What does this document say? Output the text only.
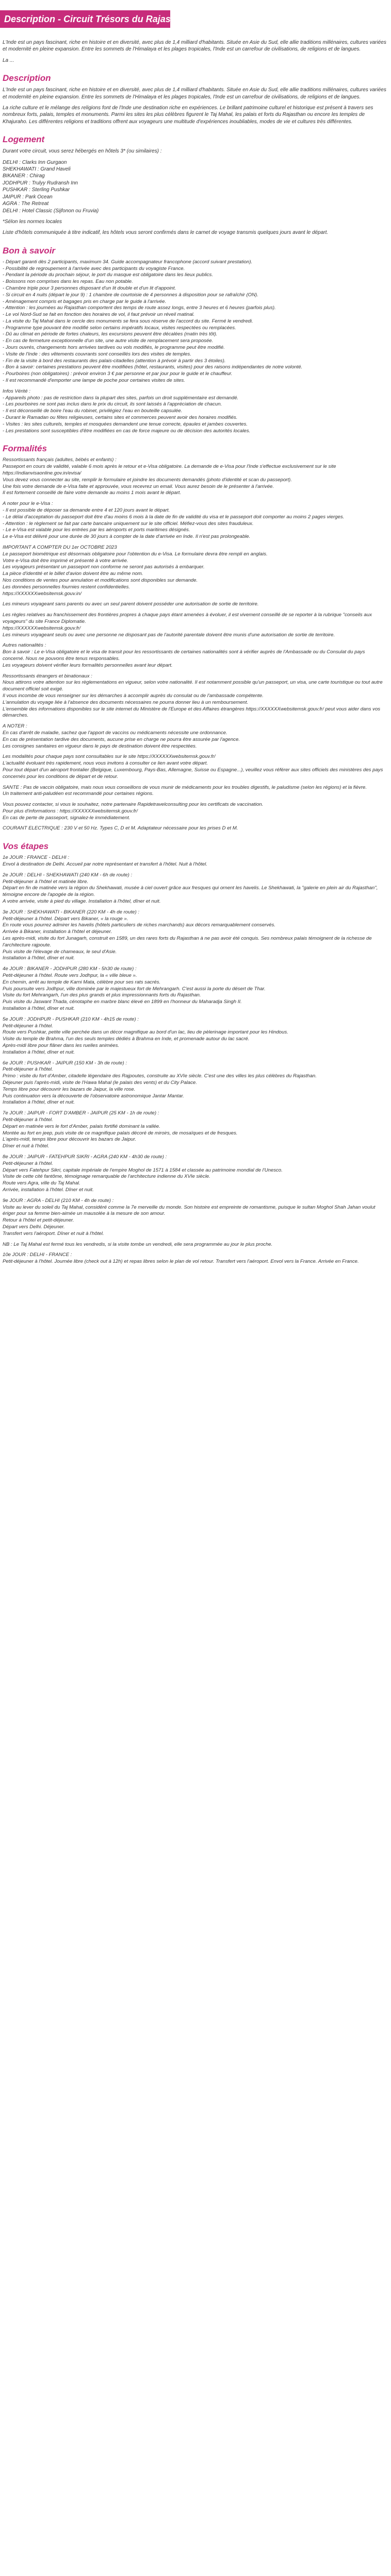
Description - Circuit Trésors du Rajasthan ***

L'Inde est un pays fascinant, riche en histoire et en diversité, avec plus de 1,4 milliard d'habitants. Située en Asie du Sud, elle allie traditions millénaires, cultures variées et modernité en pleine expansion. Entre les sommets de l'Himalaya et les plages tropicales, l'Inde est un carrefour de civilisations, de religions et de langues.

La ...

Description

L'Inde est un pays fascinant, riche en histoire et en diversité, avec plus de 1,4 milliard d'habitants. Située en Asie du Sud, elle allie traditions millénaires, cultures variées et modernité en pleine expansion. Entre les sommets de l'Himalaya et les plages tropicales, l'Inde est un carrefour de civilisations, de religions et de langues.

La riche culture et le mélange des religions font de l'Inde une destination riche en expériences. Le brillant patrimoine culturel et historique est présent à travers ses nombreux forts, palais, temples et monuments. Parmi les sites les plus célèbres figurent le Taj Mahal, les palais et forts du Rajasthan ou encore les temples de Khajuraho. Les différentes religions et traditions offrent aux voyageurs une multitude d'expériences inoubliables, modes de vie et cultures très différentes.

Logement

Durant votre circuit, vous serez hébergés en hôtels 3* (ou similaires) :

DELHI : Clarks Inn Gurgaon
SHEKHAWATI : Grand Haveli
BIKANER : Chirag
JODHPUR : Trulyy Rudransh Inn
PUSHKAR : Sterling Pushkar
JAIPUR : Park Ocean
AGRA : The Retreat
DELHI : Hotel Classic (Sijfonon ou Fruvia)

*Sélon les normes locales

Liste d'hôtels communiquée à titre indicatif, les hôtels vous seront confirmés dans le carnet de voyage transmis quelques jours avant le départ.

Bon à savoir

- Départ garanti dès 2 participants, maximum 34. Guide accompagnateur francophone (accord suivant prestation).
- Possibilité de regroupement à l'arrivée avec des participants du voyagiste France.
- Pendant la période du prochain séjour, le port du masque est obligatoire dans les lieux publics.
- Boissons non comprises dans les repas. Eau non potable.
- Chambre triple pour 3 personnes disposant d'un lit double et d'un lit d'appoint.
- Si circuit en 4 nuits (départ le jour 9) : 1 chambre de courtoisie de 4 personnes à disposition pour se rafraîchir (ON).
- Aménagement compris et bagages pris en charge par le guide à l'arrivée.
- Attention : les journées au Rajasthan comportent des temps de route assez longs, entre 3 heures et 6 heures (parfois plus).
- Le vol Nord-Sud se fait en fonction des horaires de vol, il faut prévoir un réveil matinal.
- La visite du Taj Mahal dans le cercle des monuments se fera sous réserve de l'accord du site. Fermé le vendredi.
- Programme type pouvant être modifié selon certains impératifs locaux, visites respectées ou remplacées.
- Dû au climat en période de fortes chaleurs, les excursions peuvent être décalées (matin très tôt).
- En cas de fermeture exceptionnelle d'un site, une autre visite de remplacement sera proposée.
- Jours ouvrés, changements hors arrivées tardives ou vols modifiés, le programme peut être modifié.
- Visite de l'Inde : des vêtements couvrants sont conseillés lors des visites de temples.
- Fin de la visite à bord des restaurants des palais-citadelles (attention à prévoir à partir des 3 étoiles).
- Bon à savoir: certaines prestations peuvent être modifiées (hôtel, restaurants, visites) pour des raisons indépendantes de notre volonté.
- Pourboires (non obligatoires) : prévoir environ 3 € par personne et par jour pour le guide et le chauffeur.
- Il est recommandé d'emporter une lampe de poche pour certaines visites de sites.

Infos Vérité :
- Appareils photo : pas de restriction dans la plupart des sites, parfois un droit supplémentaire est demandé.
- Les pourboires ne sont pas inclus dans le prix du circuit, ils sont laissés à l'appréciation de chacun.
- Il est déconseillé de boire l'eau du robinet, privilégiez l'eau en bouteille capsulée.
- Durant le Ramadan ou fêtes religieuses, certains sites et commerces peuvent avoir des horaires modifiés.
- Visites : les sites culturels, temples et mosquées demandent une tenue correcte, épaules et jambes couvertes.
- Les prestations sont susceptibles d'être modifiées en cas de force majeure ou de décision des autorités locales.

Formalités

Ressortissants français (adultes, bébés et enfants) :
Passeport en cours de validité, valable 6 mois après le retour et e-Visa obligatoire. La demande de e-Visa pour l'Inde s'effectue exclusivement sur le site https://indianvisaonline.gov.in/evisa/
Vous devez vous connecter au site, remplir le formulaire et joindre les documents demandés (photo d'identité et scan du passeport).
Une fois votre demande de e-Visa faite et approuvée, vous recevrez un email. Vous aurez besoin de le présenter à l'arrivée.
Il est fortement conseillé de faire votre demande au moins 1 mois avant le départ.

A noter pour le e-Visa :
- Il est possible de déposer sa demande entre 4 et 120 jours avant le départ.
- Le délai d'acceptation du passeport doit être d'au moins 6 mois à la date de fin de validité du visa et le passeport doit comporter au moins 2 pages vierges.
- Attention : le règlement se fait par carte bancaire uniquement sur le site officiel. Méfiez-vous des sites frauduleux.
- Le e-Visa est valable pour les entrées par les aéroports et ports maritimes désignés.
Le e-Visa est délivré pour une durée de 30 jours à compter de la date d'arrivée en Inde. Il n'est pas prolongeable.

IMPORTANT A COMPTER DU 1er OCTOBRE 2023
Le passeport biométrique est désormais obligatoire pour l'obtention du e-Visa. Le formulaire devra être rempli en anglais.
Votre e-Visa doit être imprimé et présenté à votre arrivée.
Les voyageurs présentant un passeport non conforme ne seront pas autorisés à embarquer.
La pièce d'identité et le billet d'avion doivent être au même nom.
Nos conditions de ventes pour annulation et modifications sont disponibles sur demande.
Les données personnelles fournies restent confidentielles.
https://XXXXXXwebsitemsk.gouv.in/

Les mineurs voyageant sans parents ou avec un seul parent doivent posséder une autorisation de sortie de territoire.

Les règles relatives au franchissement des frontières propres à chaque pays étant amenées à évoluer, il est vivement conseillé de se reporter à la rubrique "conseils aux voyageurs" du site France Diplomatie.
https://XXXXXXwebsitemsk.gouv.fr/
Les mineurs voyageant seuls ou avec une personne ne disposant pas de l'autorité parentale doivent être munis d'une autorisation de sortie de territoire.

Autres nationalités :
Bon à savoir : Le e-Visa obligatoire et le visa de transit pour les ressortissants de certaines nationalités sont à vérifier auprès de l'Ambassade ou du Consulat du pays concerné. Nous ne pouvons être tenus responsables.
Les voyageurs doivent vérifier leurs formalités personnelles avant leur départ.

Ressortissants étrangers et binationaux :
Nous attirons votre attention sur les règlementations en vigueur, selon votre nationalité. Il est notamment possible qu'un passeport, un visa, une carte touristique ou tout autre document officiel soit exigé.
Il vous incombe de vous renseigner sur les démarches à accomplir auprès du consulat ou de l'ambassade compétente.
L'annulation du voyage liée à l'absence des documents nécessaires ne pourra donner lieu à un remboursement.
L'ensemble des informations disponibles sur le site internet du Ministère de l'Europe et des Affaires étrangères https://XXXXXXwebsitemsk.gouv.fr/ peut vous aider dans vos démarches.

A NOTER :
En cas d'arrêt de maladie, sachez que l'apport de vaccins ou médicaments nécessite une ordonnance.
En cas de présentation tardive des documents, aucune prise en charge ne pourra être assurée par l'agence.
Les consignes sanitaires en vigueur dans le pays de destination doivent être respectées.

Les modalités pour chaque pays sont consultables sur le site https://XXXXXXwebsitemsk.gouv.fr/
L'actualité évoluant très rapidement, nous vous invitons à consulter ce lien avant votre départ.
Pour tout départ d'un aéroport frontalier (Belgique, Luxembourg, Pays-Bas, Allemagne, Suisse ou Espagne...), veuillez vous référer aux sites officiels des ministères des pays concernés pour les conditions de départ et de retour.

SANTE : Pas de vaccin obligatoire, mais nous vous conseillons de vous munir de médicaments pour les troubles digestifs, le paludisme (selon les régions) et la fièvre.
Un traitement anti-paludéen est recommandé pour certaines régions.

Vous pouvez contacter, si vous le souhaitez, notre partenaire Rapidetravelconsulting pour les certificats de vaccination.
Pour plus d'informations : https://XXXXXXwebsitemsk.gouv.fr/
En cas de perte de passeport, signalez-le immédiatement.

COURANT ELECTRIQUE : 230 V et 50 Hz. Types C, D et M. Adaptateur nécessaire pour les prises D et M.

Vos étapes

1e JOUR : FRANCE - DELHI :
Envol à destination de Delhi. Accueil par notre représentant et transfert à l'hôtel. Nuit à l'hôtel.

2e JOUR : DELHI - SHEKHAWATI (240 KM - 6h de route) :
Petit-déjeuner à l'hôtel et matinée libre.
Départ en fin de matinée vers la région du Shekhawati, musée à ciel ouvert grâce aux fresques qui ornent les havelis. Le Shekhawati, la "galerie en plein air du Rajasthan", témoigne encore de l'apogée de la région.
A votre arrivée, visite à pied du village. Installation à l'hôtel, dîner et nuit.

3e JOUR : SHEKHAWATI - BIKANER (220 KM - 4h de route) :
Petit-déjeuner à l'hôtel. Départ vers Bikaner, « la rouge ».
En route vous pourrez admirer les havelis (hôtels particuliers de riches marchands) aux décors remarquablement conservés.
Arrivée à Bikaner, installation à l'hôtel et déjeuner.
Les après-midi, visite du fort Junagarh, construit en 1589, un des rares forts du Rajasthan à ne pas avoir été conquis. Ses nombreux palais témoignent de la richesse de l'architecture rajpoute.
Puis visite de l'élevage de chameaux, le seul d'Asie.
Installation à l'hôtel, dîner et nuit.

4e JOUR : BIKANER - JODHPUR (280 KM - 5h30 de route) :
Petit-déjeuner à l'hôtel. Route vers Jodhpur, la « ville bleue ».
En chemin, arrêt au temple de Karni Mata, célèbre pour ses rats sacrés.
Puis poursuite vers Jodhpur, ville dominée par le majestueux fort de Mehrangarh. C'est aussi la porte du désert de Thar.
Visite du fort Mehrangarh, l'un des plus grands et plus impressionnants forts du Rajasthan.
Puis visite du Jaswant Thada, cénotaphe en marbre blanc élevé en 1899 en l'honneur du Maharadja Singh II.
Installation à l'hôtel, dîner et nuit.

5e JOUR : JODHPUR - PUSHKAR (210 KM - 4h15 de route) :
Petit-déjeuner à l'hôtel.
Route vers Pushkar, petite ville perchée dans un décor magnifique au bord d'un lac, lieu de pèlerinage important pour les Hindous.
Visite du temple de Brahma, l'un des seuls temples dédiés à Brahma en Inde, et promenade autour du lac sacré.
Après-midi libre pour flâner dans les ruelles animées.
Installation à l'hôtel, dîner et nuit.

6e JOUR : PUSHKAR - JAIPUR (150 KM - 3h de route) :
Petit-déjeuner à l'hôtel.
Primo : visite du fort d'Amber, citadelle légendaire des Rajpoutes, construite au XVIe siècle. C'est une des villes les plus célèbres du Rajasthan.
Déjeuner puis l'après-midi, visite de l'Hawa Mahal (le palais des vents) et du City Palace.
Temps libre pour découvrir les bazars de Jaipur, la ville rose.
Puis continuation vers la découverte de l'observatoire astronomique Jantar Mantar.
Installation à l'hôtel, dîner et nuit.

7e JOUR : JAIPUR - FORT D'AMBER - JAIPUR (25 KM - 1h de route) :
Petit-déjeuner à l'hôtel.
Départ en matinée vers le fort d'Amber, palais fortifié dominant la vallée.
Montée au fort en jeep, puis visite de ce magnifique palais décoré de miroirs, de mosaïques et de fresques.
L'après-midi, temps libre pour découvrir les bazars de Jaipur.
Dîner et nuit à l'hôtel.

8e JOUR : JAIPUR - FATEHPUR SIKRI - AGRA (240 KM - 4h30 de route) :
Petit-déjeuner à l'hôtel.
Départ vers Fatehpur Sikri, capitale impériale de l'empire Moghol de 1571 à 1584 et classée au patrimoine mondial de l'Unesco.
Visite de cette cité fantôme, témoignage remarquable de l'architecture indienne du XVIe siècle.
Route vers Agra, ville du Taj Mahal.
Arrivée, installation à l'hôtel. Dîner et nuit.

9e JOUR : AGRA - DELHI (210 KM - 4h de route) :
Visite au lever du soleil du Taj Mahal, considéré comme la 7e merveille du monde. Son histoire est empreinte de romantisme, puisque le sultan Moghol Shah Jahan voulut ériger pour sa femme bien-aimée un mausolée à la mesure de son amour.
Retour à l'hôtel et petit-déjeuner.
Départ vers Delhi. Déjeuner.
Transfert vers l'aéroport. Dîner et nuit à l'hôtel.

NB : Le Taj Mahal est fermé tous les vendredis, si la visite tombe un vendredi, elle sera programmée au jour le plus proche.

10e JOUR : DELHI - FRANCE :
Petit-déjeuner à l'hôtel. Journée libre (check out à 12h) et repas libres selon le plan de vol retour. Transfert vers l'aéroport. Envol vers la France. Arrivée en France.
